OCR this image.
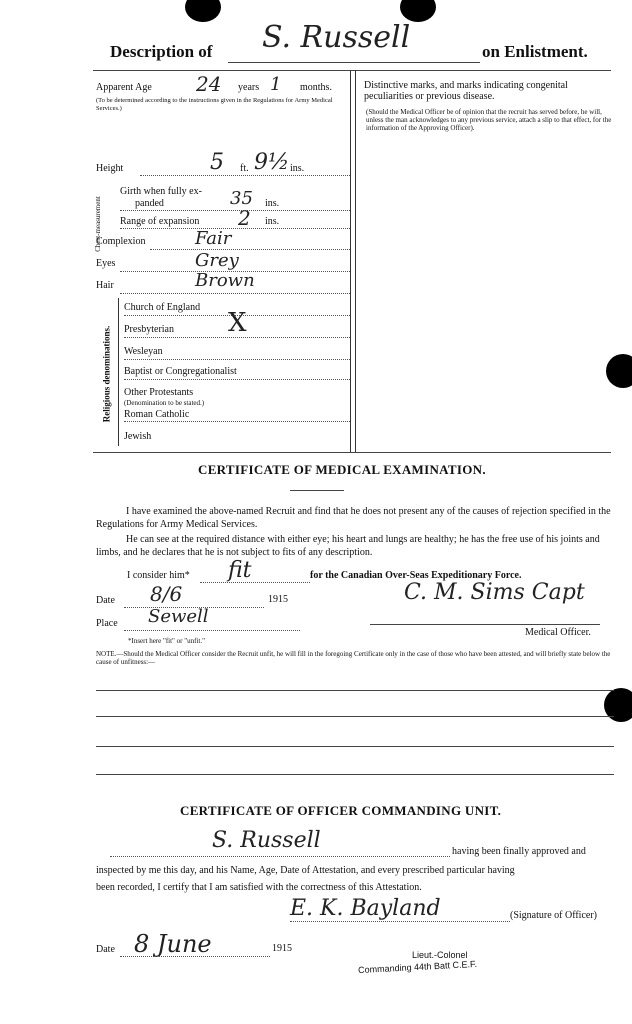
Description of S. Russell	on Enlistment.
Apparent Age 24 years 1 months.
(To be determined according to the instructions given in the Regulations for Army Medical Services.)
Height	5 ft. 9½ ins.
Chest-measurement
Girth when fully ex-
panded	35 ins.
Range of expansion 2 ins.
Complexion	Fair
Eyes	Grey
Hair	Brown
Religious denominations.
Church of England
Presbyterian X
Wesleyan
Baptist or Congregationalist
Other Protestants
(Denomination to be stated.)
Roman Catholic
Jewish
Distinctive marks, and marks indicating congenital peculiarities or previous disease.
(Should the Medical Officer be of opinion that the recruit has served before, he will, unless the man acknowledges to any previous service, attach a slip to that effect, for the information of the Approving Officer).
CERTIFICATE OF MEDICAL EXAMINATION.
I have examined the above-named Recruit and find that he does not present any of the causes of rejection specified in the Regulations for Army Medical Services.
He can see at the required distance with either eye; his heart and lungs are healthy; he has the free use of his joints and limbs, and he declares that he is not subject to fits of any description.
I consider him* fit	for the Canadian Over-Seas Expeditionary Force.
Date 8/6	1915	C. M. Sims Capt
Place Sewell
Medical Officer.
*Insert here "fit" or "unfit."
NOTE.—Should the Medical Officer consider the Recruit unfit, he will fill in the foregoing Certificate only in the case of those who have been attested, and will briefly state below the cause of unfitness:—
CERTIFICATE OF OFFICER COMMANDING UNIT.
S. Russell	having been finally approved and
inspected by me this day, and his Name, Age, Date of Attestation, and every prescribed particular having
been recorded, I certify that I am satisfied with the correctness of this Attestation.
E. K. Bayland	(Signature of Officer)
Date 8 June	1915
Lieut.-Colonel
Commanding 44th Batt C.E.F.
